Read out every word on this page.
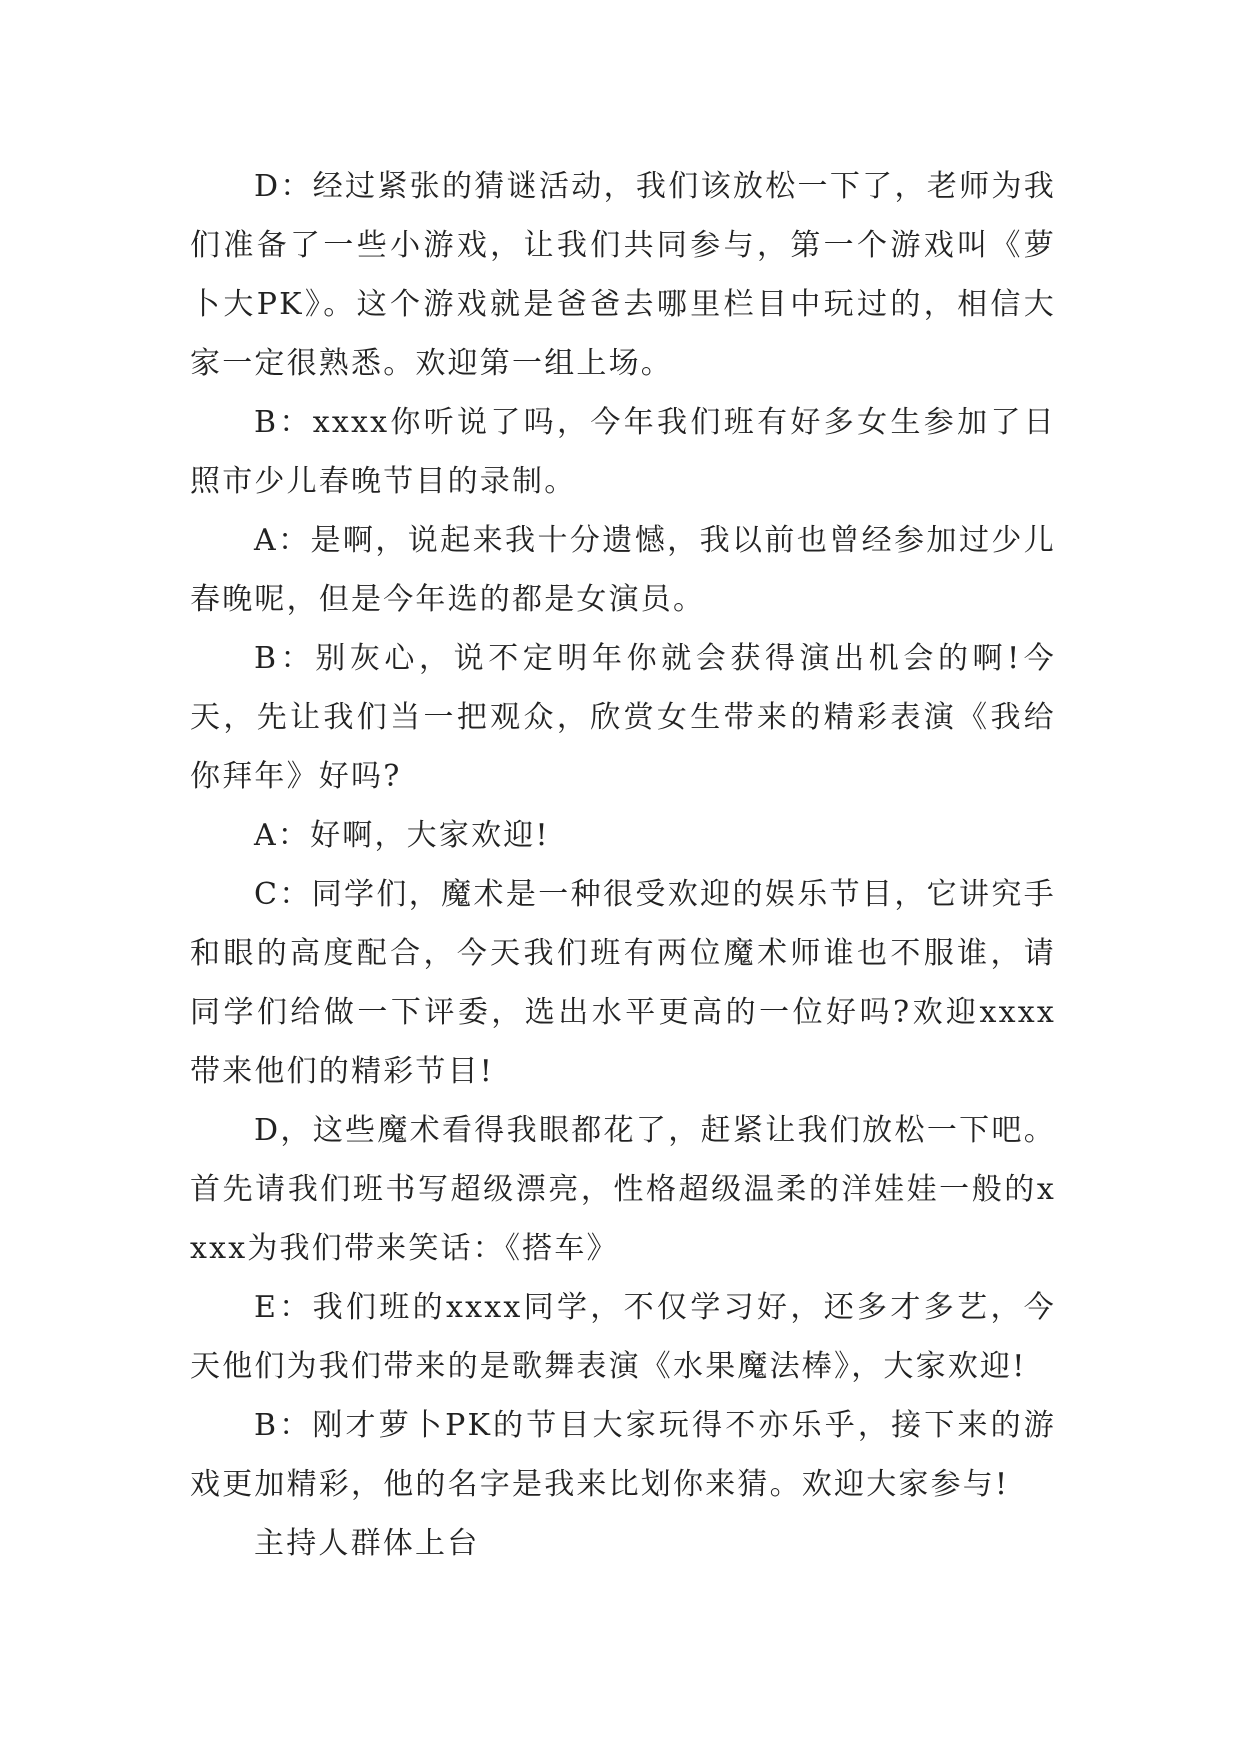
D：经过紧张的猜谜活动，我们该放松一下了，老师为我们准备了一些小游戏，让我们共同参与，第一个游戏叫《萝卜大PK》。这个游戏就是爸爸去哪里栏目中玩过的，相信大家一定很熟悉。欢迎第一组上场。

B：xxxx你听说了吗，今年我们班有好多女生参加了日照市少儿春晚节目的录制。

A：是啊，说起来我十分遗憾，我以前也曾经参加过少儿春晚呢，但是今年选的都是女演员。

B：别灰心，说不定明年你就会获得演出机会的啊!今天，先让我们当一把观众，欣赏女生带来的精彩表演《我给你拜年》好吗?

A：好啊，大家欢迎!

C：同学们，魔术是一种很受欢迎的娱乐节目，它讲究手和眼的高度配合，今天我们班有两位魔术师谁也不服谁，请同学们给做一下评委，选出水平更高的一位好吗?欢迎xxxx带来他们的精彩节目!

D，这些魔术看得我眼都花了，赶紧让我们放松一下吧。首先请我们班书写超级漂亮，性格超级温柔的洋娃娃一般的xxxx为我们带来笑话：《搭车》

E：我们班的xxxx同学，不仅学习好，还多才多艺，今天他们为我们带来的是歌舞表演《水果魔法棒》，大家欢迎!

B：刚才萝卜PK的节目大家玩得不亦乐乎，接下来的游戏更加精彩，他的名字是我来比划你来猜。欢迎大家参与!

主持人群体上台
